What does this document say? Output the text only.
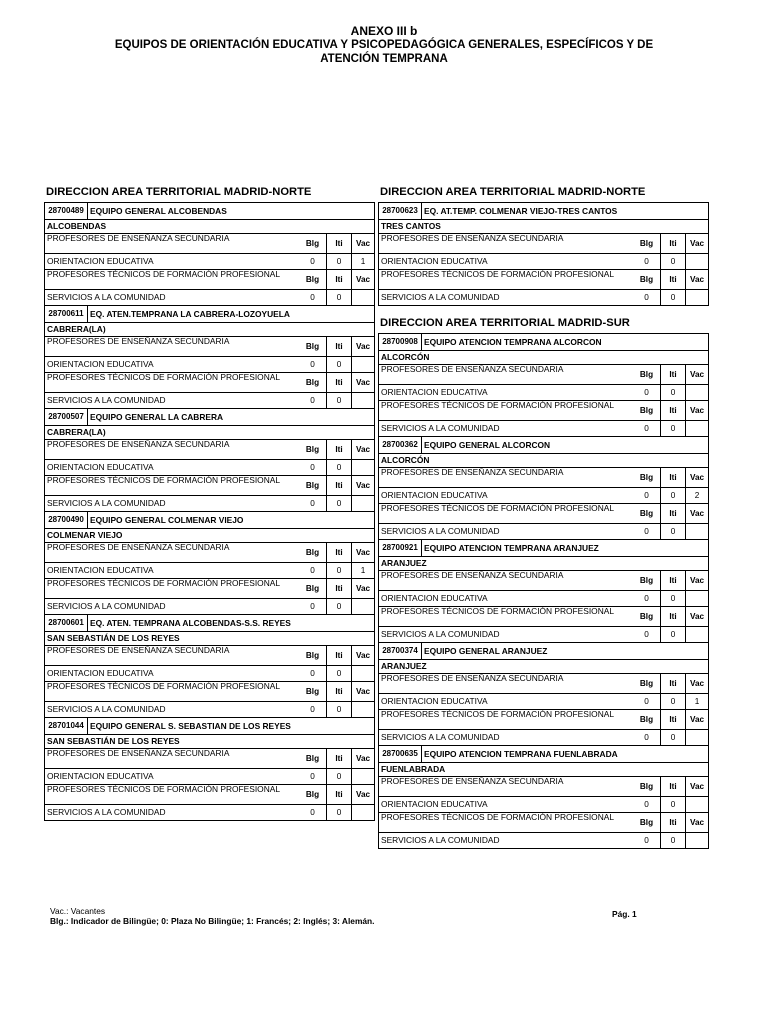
ANEXO III b
EQUIPOS DE ORIENTACIÓN EDUCATIVA Y PSICOPEDAGÓGICA GENERALES, ESPECÍFICOS Y DE
ATENCIÓN TEMPRANA
DIRECCION AREA TERRITORIAL MADRID-NORTE
28700489 EQUIPO GENERAL ALCOBENDAS
ALCOBENDAS
PROFESORES DE ENSEÑANZA SECUNDARIA
Blg	Iti	Vac
ORIENTACION EDUCATIVA	0	0	1
PROFESORES TÉCNICOS DE FORMACIÓN PROFESIONAL
Blg	Iti	Vac
SERVICIOS A LA COMUNIDAD	0	0
28700611 EQ. ATEN.TEMPRANA LA CABRERA-LOZOYUELA
CABRERA(LA)
PROFESORES DE ENSEÑANZA SECUNDARIA
Blg	Iti	Vac
ORIENTACION EDUCATIVA	0	0
PROFESORES TÉCNICOS DE FORMACIÓN PROFESIONAL
Blg	Iti	Vac
SERVICIOS A LA COMUNIDAD	0	0
28700507 EQUIPO GENERAL LA CABRERA
CABRERA(LA)
PROFESORES DE ENSEÑANZA SECUNDARIA
Blg	Iti	Vac
ORIENTACION EDUCATIVA	0	0
PROFESORES TÉCNICOS DE FORMACIÓN PROFESIONAL
Blg	Iti	Vac
SERVICIOS A LA COMUNIDAD	0	0
28700490 EQUIPO GENERAL COLMENAR VIEJO
COLMENAR VIEJO
PROFESORES DE ENSEÑANZA SECUNDARIA
Blg	Iti	Vac
ORIENTACION EDUCATIVA	0	0	1
PROFESORES TÉCNICOS DE FORMACIÓN PROFESIONAL
Blg	Iti	Vac
SERVICIOS A LA COMUNIDAD	0	0
28700601 EQ. ATEN. TEMPRANA ALCOBENDAS-S.S. REYES
SAN SEBASTIÁN DE LOS REYES
PROFESORES DE ENSEÑANZA SECUNDARIA
Blg	Iti	Vac
ORIENTACION EDUCATIVA	0	0
PROFESORES TÉCNICOS DE FORMACIÓN PROFESIONAL
Blg	Iti	Vac
SERVICIOS A LA COMUNIDAD	0	0
28701044 EQUIPO GENERAL S. SEBASTIAN DE LOS REYES
SAN SEBASTIÁN DE LOS REYES
PROFESORES DE ENSEÑANZA SECUNDARIA
Blg	Iti	Vac
ORIENTACION EDUCATIVA	0	0
PROFESORES TÉCNICOS DE FORMACIÓN PROFESIONAL
Blg	Iti	Vac
SERVICIOS A LA COMUNIDAD	0	0
DIRECCION AREA TERRITORIAL MADRID-NORTE
28700623 EQ. AT.TEMP. COLMENAR VIEJO-TRES CANTOS
TRES CANTOS
PROFESORES DE ENSEÑANZA SECUNDARIA
Blg	Iti	Vac
ORIENTACION EDUCATIVA	0	0
PROFESORES TÉCNICOS DE FORMACIÓN PROFESIONAL
Blg	Iti	Vac
SERVICIOS A LA COMUNIDAD	0	0
DIRECCION AREA TERRITORIAL MADRID-SUR
28700908 EQUIPO ATENCION TEMPRANA ALCORCON
ALCORCÓN
PROFESORES DE ENSEÑANZA SECUNDARIA
Blg	Iti	Vac
ORIENTACION EDUCATIVA	0	0
PROFESORES TÉCNICOS DE FORMACIÓN PROFESIONAL
Blg	Iti	Vac
SERVICIOS A LA COMUNIDAD	0	0
28700362 EQUIPO GENERAL ALCORCON
ALCORCÓN
PROFESORES DE ENSEÑANZA SECUNDARIA
Blg	Iti	Vac
ORIENTACION EDUCATIVA	0	0	2
PROFESORES TÉCNICOS DE FORMACIÓN PROFESIONAL
Blg	Iti	Vac
SERVICIOS A LA COMUNIDAD	0	0
28700921 EQUIPO ATENCION TEMPRANA ARANJUEZ
ARANJUEZ
PROFESORES DE ENSEÑANZA SECUNDARIA
Blg	Iti	Vac
ORIENTACION EDUCATIVA	0	0
PROFESORES TÉCNICOS DE FORMACIÓN PROFESIONAL
Blg	Iti	Vac
SERVICIOS A LA COMUNIDAD	0	0
28700374 EQUIPO GENERAL ARANJUEZ
ARANJUEZ
PROFESORES DE ENSEÑANZA SECUNDARIA
Blg	Iti	Vac
ORIENTACION EDUCATIVA	0	0	1
PROFESORES TÉCNICOS DE FORMACIÓN PROFESIONAL
Blg	Iti	Vac
SERVICIOS A LA COMUNIDAD	0	0
28700635 EQUIPO ATENCION TEMPRANA FUENLABRADA
FUENLABRADA
PROFESORES DE ENSEÑANZA SECUNDARIA
Blg	Iti	Vac
ORIENTACION EDUCATIVA	0	0
PROFESORES TÉCNICOS DE FORMACIÓN PROFESIONAL
Blg	Iti	Vac
SERVICIOS A LA COMUNIDAD	0	0
Vac.: Vacantes
Blg.: Indicador de Bilingüe; 0: Plaza No Bilingüe; 1: Francés; 2: Inglés; 3: Alemán.
Pág. 1
